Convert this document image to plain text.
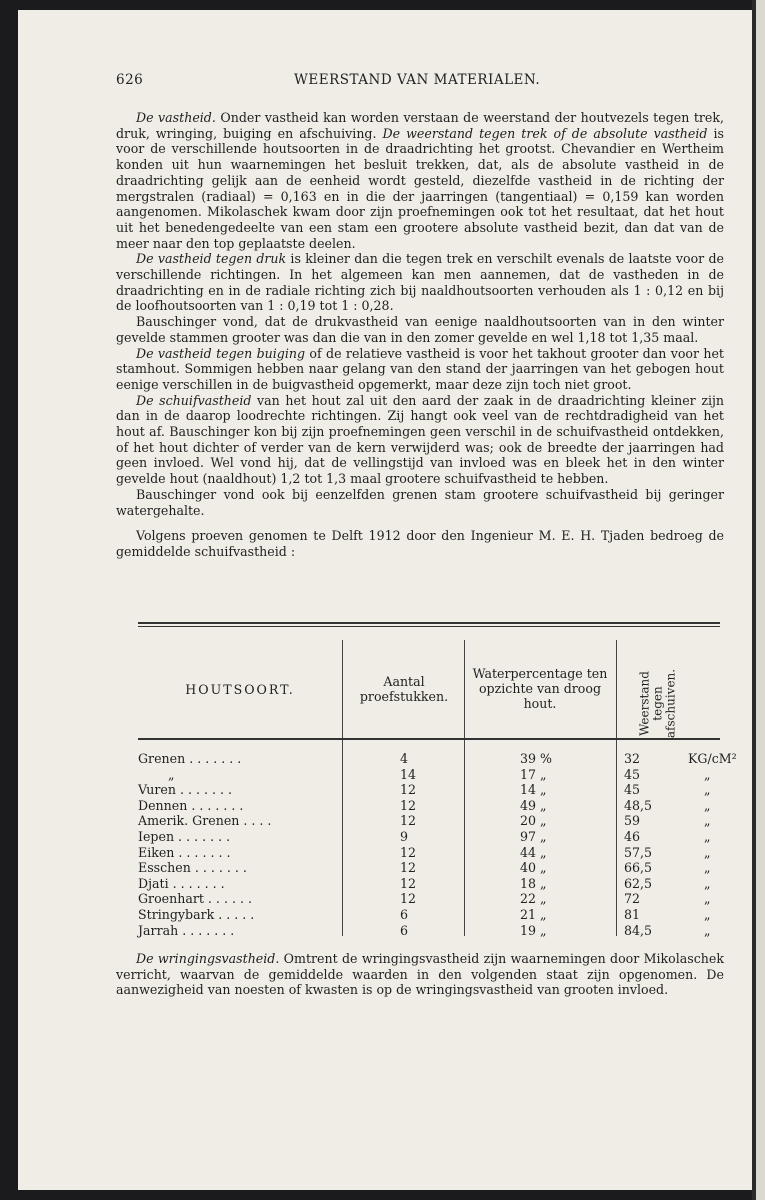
626	WEERSTAND VAN MATERIALEN.

De vastheid. Onder vastheid kan worden verstaan de weerstand der houtvezels tegen trek, druk, wringing, buiging en afschuiving. De weerstand tegen trek of de absolute vastheid is voor de verschillende houtsoorten in de draadrichting het grootst. Chevandier en Wertheim konden uit hun waarnemingen het besluit trekken, dat, als de absolute vastheid in de draadrichting gelijk aan de eenheid wordt gesteld, diezelfde vastheid in de richting der mergstralen (radiaal) = 0,163 en in die der jaarringen (tangentiaal) = 0,159 kan worden aangenomen. Mikolaschek kwam door zijn proefnemingen ook tot het resultaat, dat het hout uit het benedengedeelte van een stam een grootere absolute vastheid bezit, dan dat van de meer naar den top geplaatste deelen.

De vastheid tegen druk is kleiner dan die tegen trek en verschilt evenals de laatste voor de verschillende richtingen. In het algemeen kan men aannemen, dat de vastheden in de draadrichting en in de radiale richting zich bij naaldhoutsoorten verhouden als 1 : 0,12 en bij de loofhoutsoorten van 1 : 0,19 tot 1 : 0,28.

Bauschinger vond, dat de drukvastheid van eenige naaldhoutsoorten van in den winter gevelde stammen grooter was dan die van in den zomer gevelde en wel 1,18 tot 1,35 maal.

De vastheid tegen buiging of de relatieve vastheid is voor het takhout grooter dan voor het stamhout. Sommigen hebben naar gelang van den stand der jaarringen van het gebogen hout eenige verschillen in de buigvastheid opgemerkt, maar deze zijn toch niet groot.

De schuifvastheid van het hout zal uit den aard der zaak in de draadrichting kleiner zijn dan in de daarop loodrechte richtingen. Zij hangt ook veel van de rechtdradigheid van het hout af. Bauschinger kon bij zijn proefnemingen geen verschil in de schuifvastheid ontdekken, of het hout dichter of verder van de kern verwijderd was; ook de breedte der jaarringen had geen invloed. Wel vond hij, dat de vellingstijd van invloed was en bleek het in den winter gevelde hout (naaldhout) 1,2 tot 1,3 maal grootere schuifvastheid te hebben.

Bauschinger vond ook bij eenzelfden grenen stam grootere schuifvastheid bij geringer watergehalte.

Volgens proeven genomen te Delft 1912 door den Ingenieur M. E. H. Tjaden bedroeg de gemiddelde schuifvastheid :

HOUTSOORT.
Aantal proefstukken.
Waterpercentage ten opzichte van droog hout.	Weerstand tegen afschuiven.
Grenen . . . . . . .	4	39 %	32	KG/cM²
„	14	17 „	45	„
Vuren . . . . . . .	12	14 „	45	„
Dennen . . . . . . .	12	49 „	48,5	„
Amerik. Grenen . . . .	12	20 „	59	„
Iepen . . . . . . .	9	97 „	46	„
Eiken . . . . . . .	12	44 „	57,5	„
Esschen . . . . . . .	12	40 „	66,5	„
Djati . . . . . . .	12	18 „	62,5	„
Groenhart . . . . . .	12	22 „	72	„
Stringybark . . . . .	6	21 „	81	„
Jarrah . . . . . . .	6	19 „	84,5	„

De wringingsvastheid. Omtrent de wringingsvastheid zijn waarnemingen door Mikolaschek verricht, waarvan de gemiddelde waarden in den volgenden staat zijn opgenomen. De aanwezigheid van noesten of kwasten is op de wringingsvastheid van grooten invloed.
